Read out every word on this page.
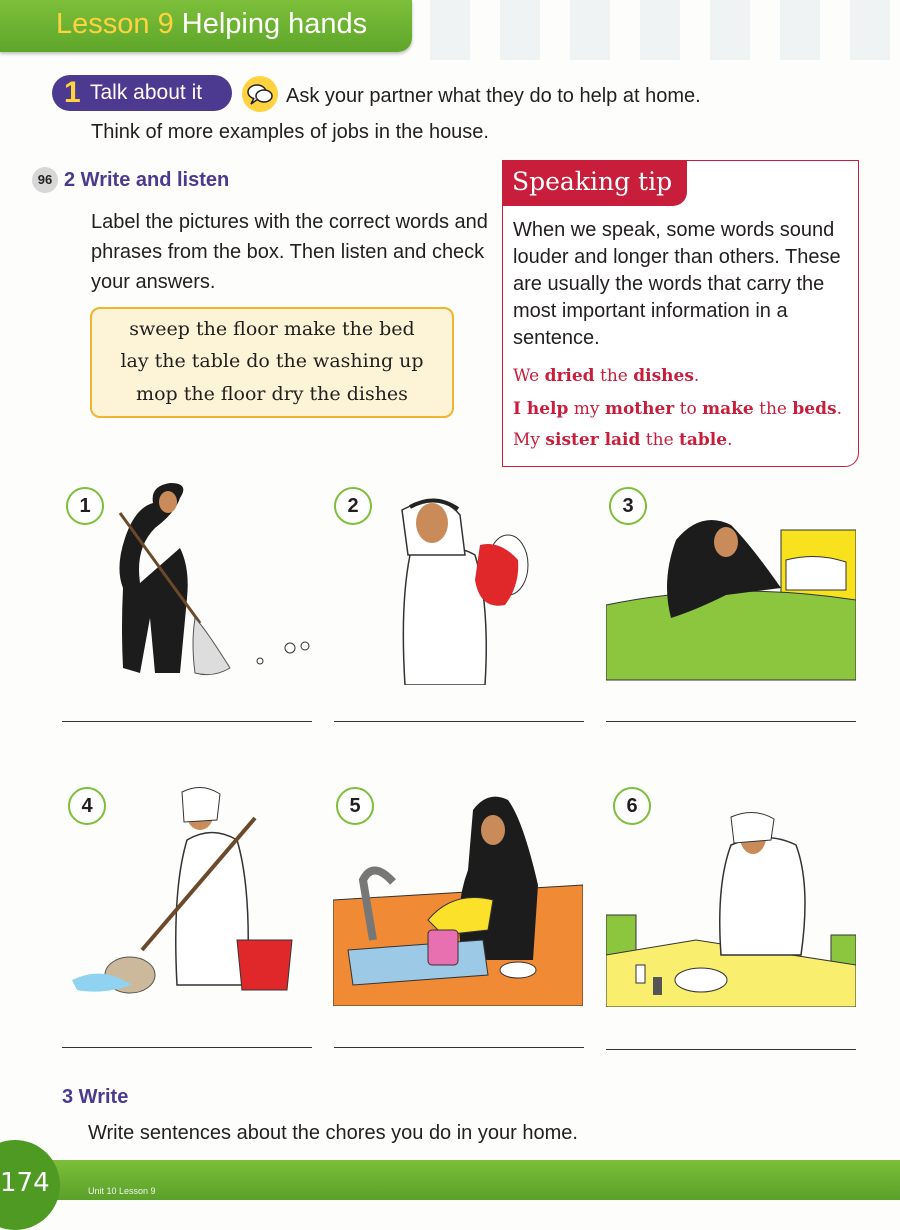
Lesson 9 Helping hands
1 Talk about it	Ask your partner what they do to help at home.
Think of more examples of jobs in the house.
96 2 Write and listen
Label the pictures with the correct words and phrases from the box. Then listen and check your answers.
sweep the floor make the bed
lay the table do the washing up
mop the floor dry the dishes
Speaking tip
When we speak, some words sound louder and longer than others. These are usually the words that carry the most important information in a sentence.
We dried the dishes.
I help my mother to make the beds.
My sister laid the table.
1	2	3
4	5	6
3 Write
Write sentences about the chores you do in your home.
174	Unit 10 Lesson 9
